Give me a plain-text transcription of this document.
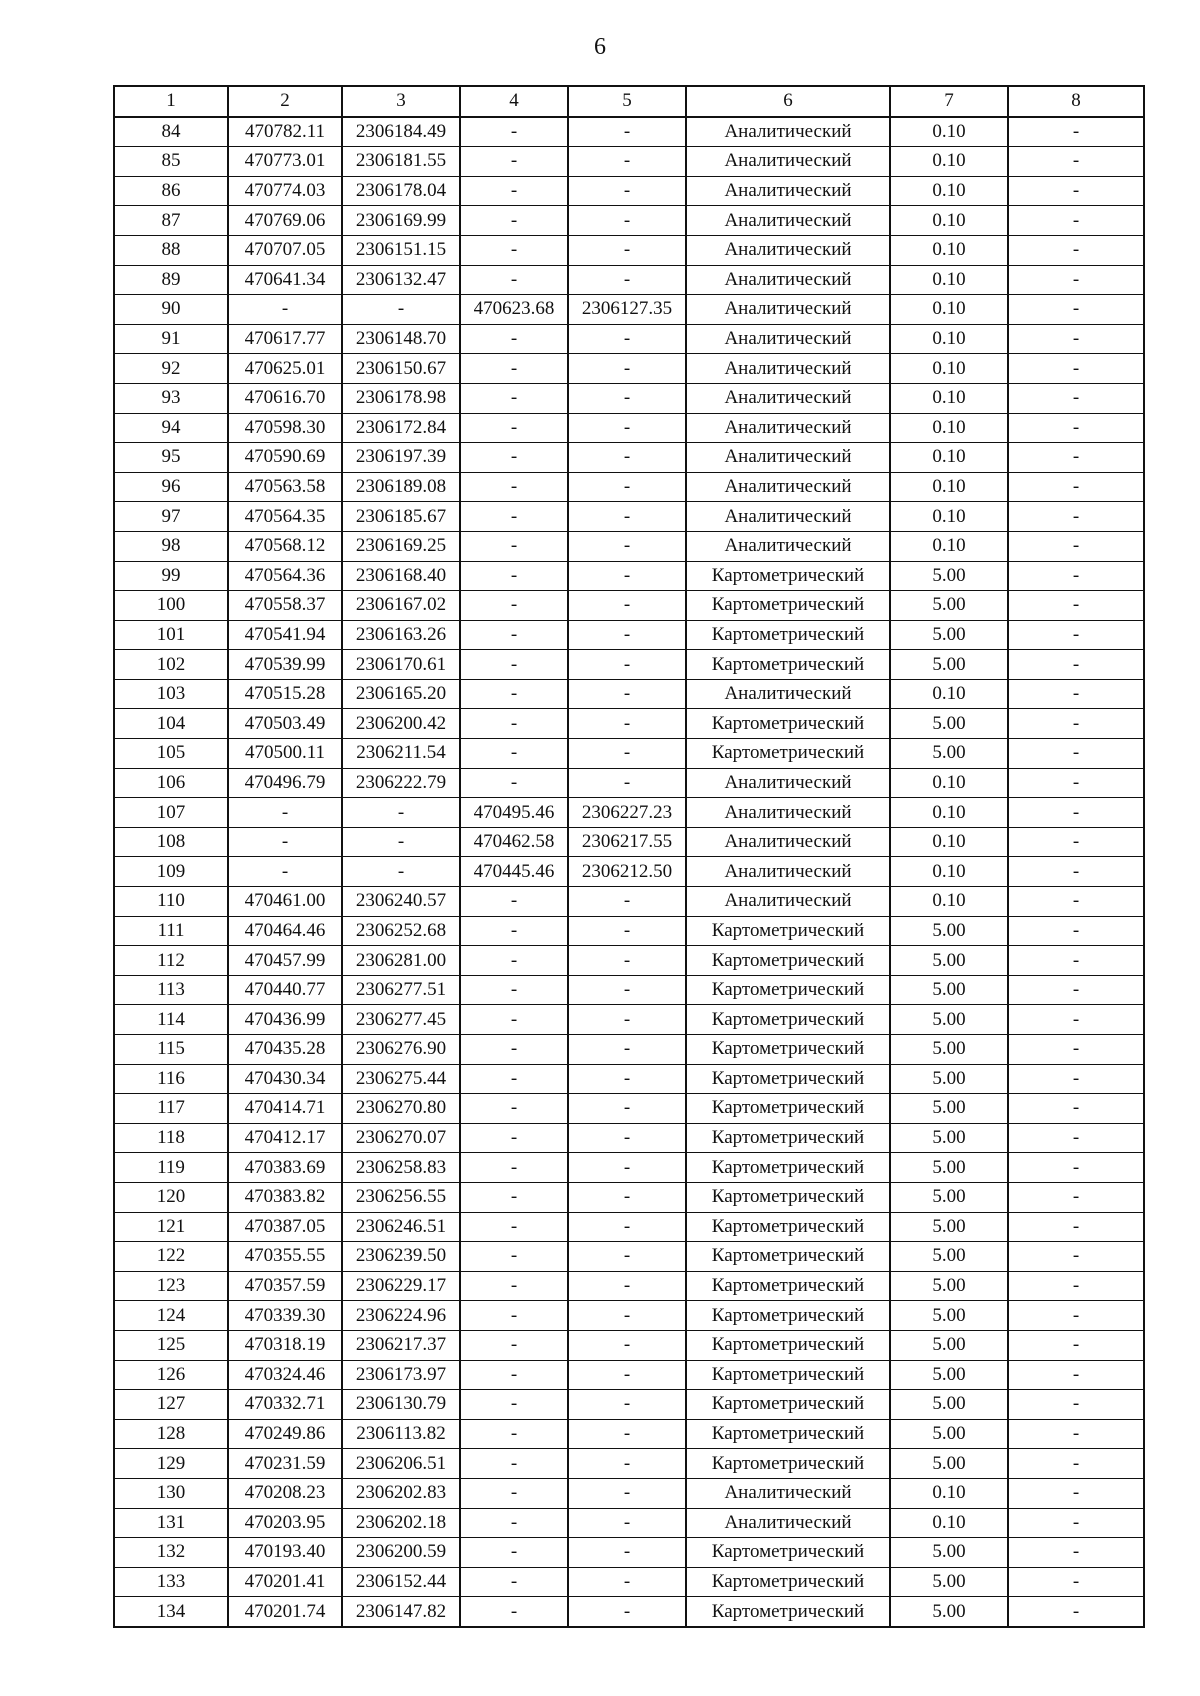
6
1	2	3	4	5	6	7	8
84	470782.11	2306184.49	-	-	Аналитический	0.10	-
85	470773.01	2306181.55	-	-	Аналитический	0.10	-
86	470774.03	2306178.04	-	-	Аналитический	0.10	-
87	470769.06	2306169.99	-	-	Аналитический	0.10	-
88	470707.05	2306151.15	-	-	Аналитический	0.10	-
89	470641.34	2306132.47	-	-	Аналитический	0.10	-
90	-	-	470623.68	2306127.35	Аналитический	0.10	-
91	470617.77	2306148.70	-	-	Аналитический	0.10	-
92	470625.01	2306150.67	-	-	Аналитический	0.10	-
93	470616.70	2306178.98	-	-	Аналитический	0.10	-
94	470598.30	2306172.84	-	-	Аналитический	0.10	-
95	470590.69	2306197.39	-	-	Аналитический	0.10	-
96	470563.58	2306189.08	-	-	Аналитический	0.10	-
97	470564.35	2306185.67	-	-	Аналитический	0.10	-
98	470568.12	2306169.25	-	-	Аналитический	0.10	-
99	470564.36	2306168.40	-	-	Картометрический	5.00	-
100	470558.37	2306167.02	-	-	Картометрический	5.00	-
101	470541.94	2306163.26	-	-	Картометрический	5.00	-
102	470539.99	2306170.61	-	-	Картометрический	5.00	-
103	470515.28	2306165.20	-	-	Аналитический	0.10	-
104	470503.49	2306200.42	-	-	Картометрический	5.00	-
105	470500.11	2306211.54	-	-	Картометрический	5.00	-
106	470496.79	2306222.79	-	-	Аналитический	0.10	-
107	-	-	470495.46	2306227.23	Аналитический	0.10	-
108	-	-	470462.58	2306217.55	Аналитический	0.10	-
109	-	-	470445.46	2306212.50	Аналитический	0.10	-
110	470461.00	2306240.57	-	-	Аналитический	0.10	-
111	470464.46	2306252.68	-	-	Картометрический	5.00	-
112	470457.99	2306281.00	-	-	Картометрический	5.00	-
113	470440.77	2306277.51	-	-	Картометрический	5.00	-
114	470436.99	2306277.45	-	-	Картометрический	5.00	-
115	470435.28	2306276.90	-	-	Картометрический	5.00	-
116	470430.34	2306275.44	-	-	Картометрический	5.00	-
117	470414.71	2306270.80	-	-	Картометрический	5.00	-
118	470412.17	2306270.07	-	-	Картометрический	5.00	-
119	470383.69	2306258.83	-	-	Картометрический	5.00	-
120	470383.82	2306256.55	-	-	Картометрический	5.00	-
121	470387.05	2306246.51	-	-	Картометрический	5.00	-
122	470355.55	2306239.50	-	-	Картометрический	5.00	-
123	470357.59	2306229.17	-	-	Картометрический	5.00	-
124	470339.30	2306224.96	-	-	Картометрический	5.00	-
125	470318.19	2306217.37	-	-	Картометрический	5.00	-
126	470324.46	2306173.97	-	-	Картометрический	5.00	-
127	470332.71	2306130.79	-	-	Картометрический	5.00	-
128	470249.86	2306113.82	-	-	Картометрический	5.00	-
129	470231.59	2306206.51	-	-	Картометрический	5.00	-
130	470208.23	2306202.83	-	-	Аналитический	0.10	-
131	470203.95	2306202.18	-	-	Аналитический	0.10	-
132	470193.40	2306200.59	-	-	Картометрический	5.00	-
133	470201.41	2306152.44	-	-	Картометрический	5.00	-
134	470201.74	2306147.82	-	-	Картометрический	5.00	-
